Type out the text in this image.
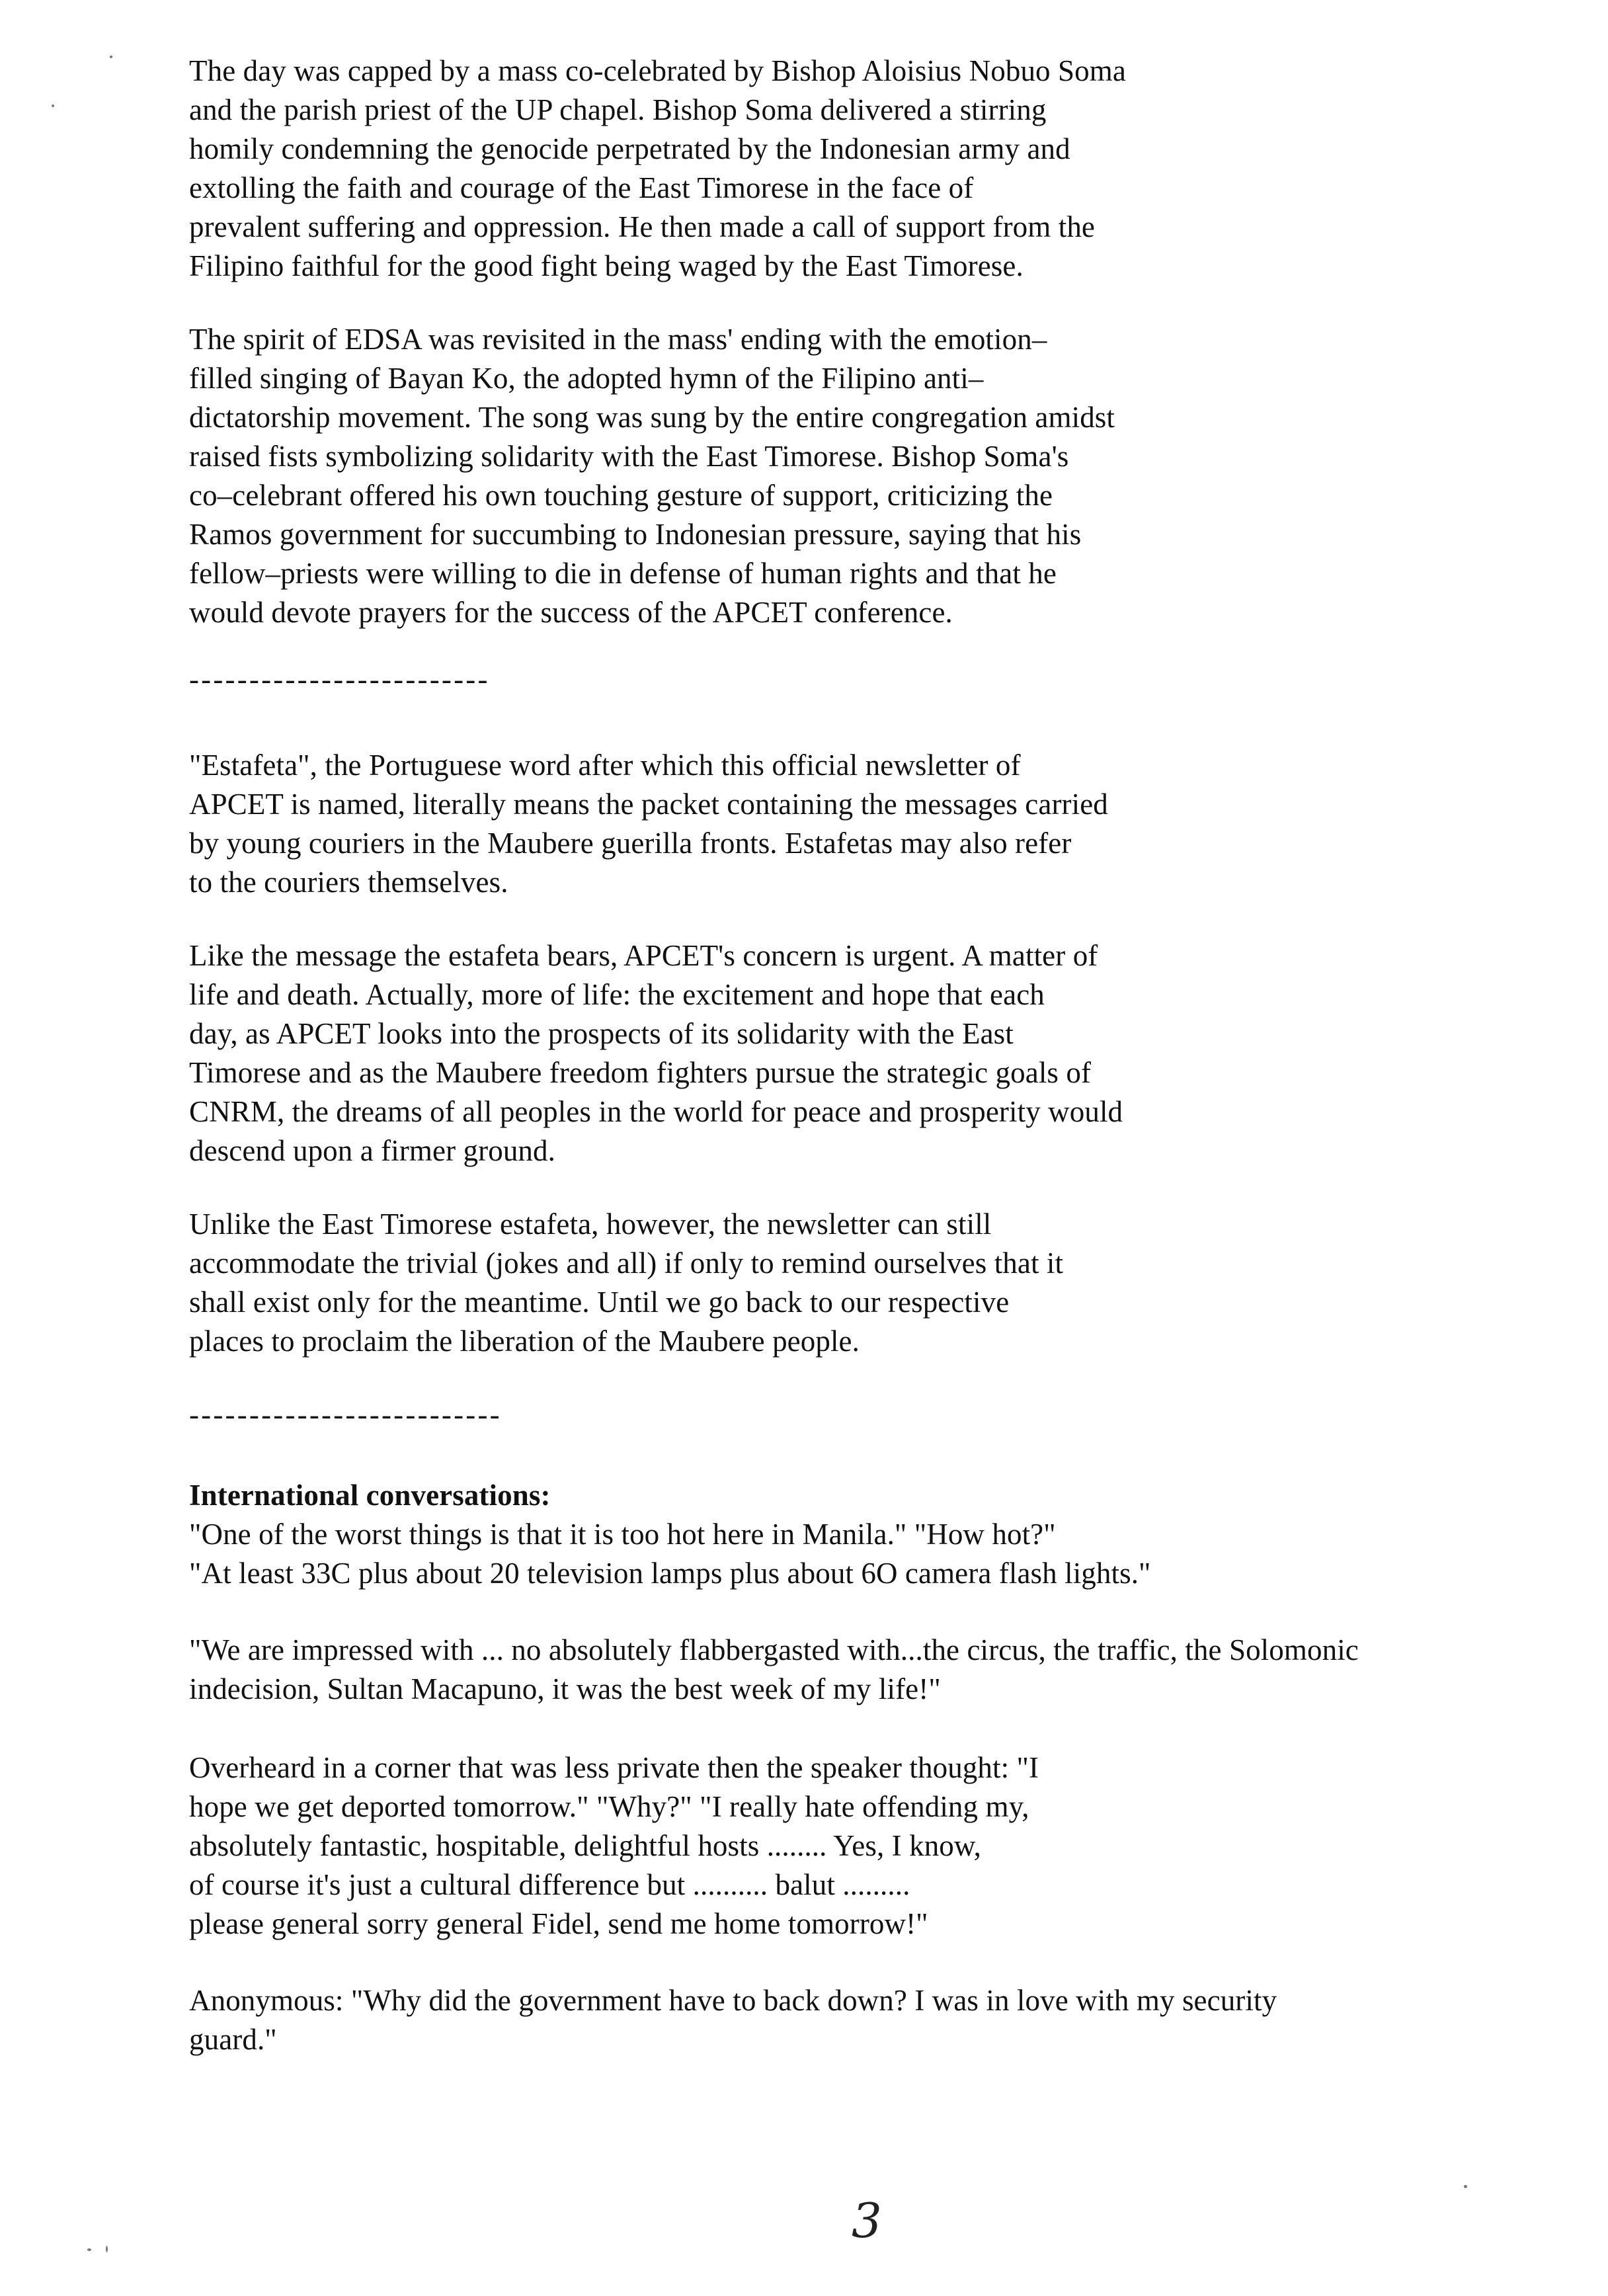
The day was capped by a mass co-celebrated by Bishop Aloisius Nobuo Soma
and the parish priest of the UP chapel. Bishop Soma delivered a stirring
homily condemning the genocide perpetrated by the Indonesian army and
extolling the faith and courage of the East Timorese in the face of
prevalent suffering and oppression. He then made a call of support from the
Filipino faithful for the good fight being waged by the East Timorese.
The spirit of EDSA was revisited in the mass' ending with the emotion–
filled singing of Bayan Ko, the adopted hymn of the Filipino anti–
dictatorship movement. The song was sung by the entire congregation amidst
raised fists symbolizing solidarity with the East Timorese. Bishop Soma's
co–celebrant offered his own touching gesture of support, criticizing the
Ramos government for succumbing to Indonesian pressure, saying that his
fellow–priests were willing to die in defense of human rights and that he
would devote prayers for the success of the APCET conference.
-------------------------
"Estafeta", the Portuguese word after which this official newsletter of
APCET is named, literally means the packet containing the messages carried
by young couriers in the Maubere guerilla fronts. Estafetas may also refer
to the couriers themselves.
Like the message the estafeta bears, APCET's concern is urgent. A matter of
life and death. Actually, more of life: the excitement and hope that each
day, as APCET looks into the prospects of its solidarity with the East
Timorese and as the Maubere freedom fighters pursue the strategic goals of
CNRM, the dreams of all peoples in the world for peace and prosperity would
descend upon a firmer ground.
Unlike the East Timorese estafeta, however, the newsletter can still
accommodate the trivial (jokes and all) if only to remind ourselves that it
shall exist only for the meantime. Until we go back to our respective
places to proclaim the liberation of the Maubere people.
--------------------------
International conversations:
"One of the worst things is that it is too hot here in Manila." "How hot?"
"At least 33C plus about 20 television lamps plus about 6O camera flash lights."
"We are impressed with ... no absolutely flabbergasted with...the circus, the traffic, the Solomonic
indecision, Sultan Macapuno, it was the best week of my life!"
Overheard in a corner that was less private then the speaker thought: "I
hope we get deported tomorrow." "Why?" "I really hate offending my,
absolutely fantastic, hospitable, delightful hosts ........ Yes, I know,
of course it's just a cultural difference but .......... balut .........
please general sorry general Fidel, send me home tomorrow!"
Anonymous: "Why did the government have to back down? I was in love with my security
guard."
3
